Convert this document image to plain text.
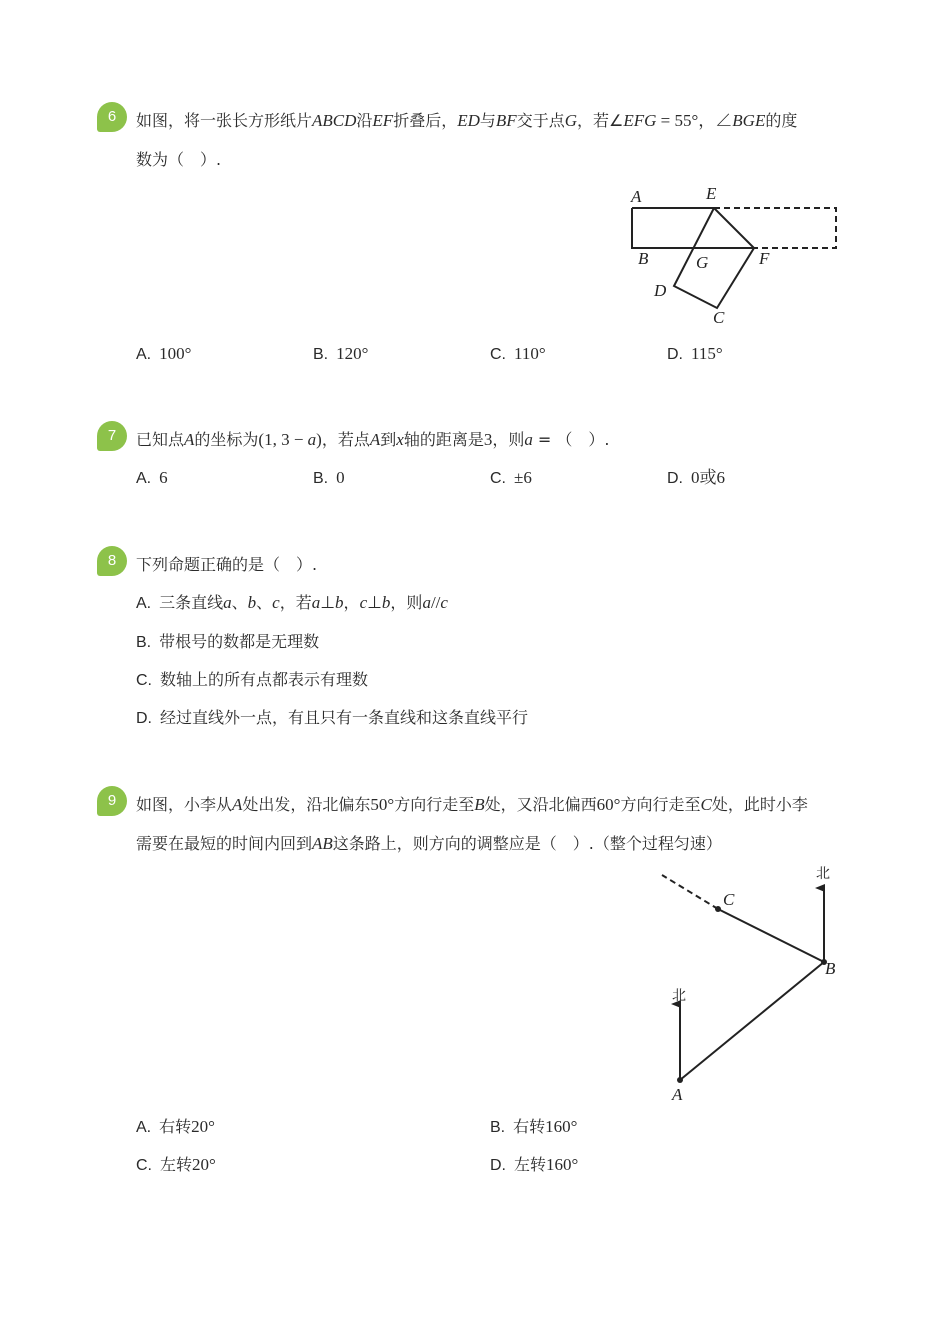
6	如图，将一张长方形纸片ABCD沿EF折叠后，ED与BF交于点G，若∠EFG = 55°，∠BGE的度
数为（　）.
A	E
B	G	F
D
C
A. 100°	B. 120°	C. 110°	D. 115°
7	已知点A的坐标为(1, 3 − a)，若点A到x轴的距离是3，则a = （　）.
A. 6	B. 0	C. ±6	D. 0或6
8	下列命题正确的是（　）.
A. 三条直线a、b、c，若a⊥b，c⊥b，则a//c
B. 带根号的数都是无理数
C. 数轴上的所有点都表示有理数
D. 经过直线外一点，有且只有一条直线和这条直线平行
9	如图，小李从A处出发，沿北偏东50°方向行走至B处，又沿北偏西60°方向行走至C处，此时小李
需要在最短的时间内回到AB这条路上，则方向的调整应是（　）.（整个过程匀速）
北
北
C
B
A
A. 右转20°	B. 右转160°
C. 左转20°	D. 左转160°
